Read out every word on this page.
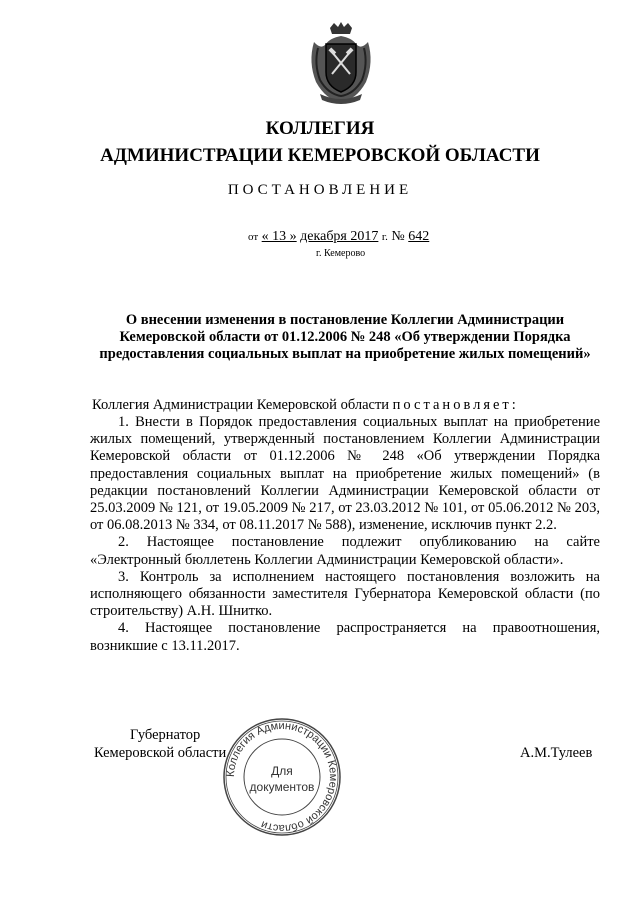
КОЛЛЕГИЯ
АДМИНИСТРАЦИИ КЕМЕРОВСКОЙ ОБЛАСТИ
ПОСТАНОВЛЕНИЕ
от « 13 » декабря 2017 г. № 642
г. Кемерово
О внесении изменения в постановление Коллегии Администрации Кемеровской области от 01.12.2006 № 248 «Об утверждении Порядка предоставления социальных выплат на приобретение жилых помещений»
Коллегия Администрации Кемеровской области постановляет:

1. Внести в Порядок предоставления социальных выплат на приобретение жилых помещений, утвержденный постановлением Коллегии Администрации Кемеровской области от 01.12.2006 № 248 «Об утверждении Порядка предоставления социальных выплат на приобретение жилых помещений» (в редакции постановлений Коллегии Администрации Кемеровской области от 25.03.2009 № 121, от 19.05.2009 № 217, от 23.03.2012 № 101, от 05.06.2012 № 203, от 06.08.2013 № 334, от 08.11.2017 № 588), изменение, исключив пункт 2.2.

2. Настоящее постановление подлежит опубликованию на сайте «Электронный бюллетень Коллегии Администрации Кемеровской области».

3. Контроль за исполнением настоящего постановления возложить на исполняющего обязанности заместителя Губернатора Кемеровской области (по строительству) А.Н. Шнитко.

4. Настоящее постановление распространяется на правоотношения, возникшие с 13.11.2017.

Губернатор
Кемеровской области	А.М.Тулеев
Коллегия Администрации Кемеровской области
Для
документов
